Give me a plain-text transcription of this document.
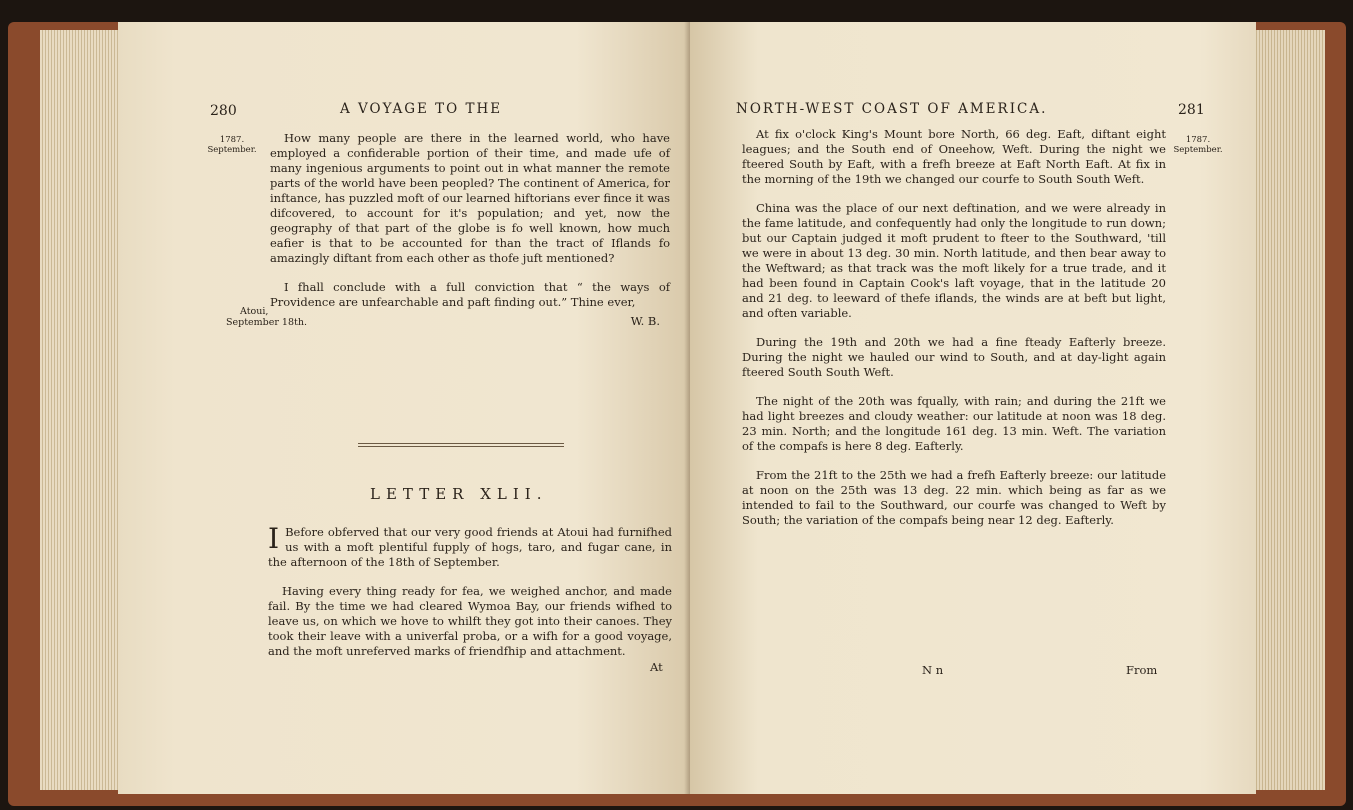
280	A VOYAGE TO THE
1787.
September.

How many people are there in the learned world, who have employed a confiderable portion of their time, and made ufe of many ingenious arguments to point out in what manner the remote parts of the world have been peopled? The continent of America, for inftance, has puzzled moft of our learned hiftorians ever fince it was difcovered, to account for it's population; and yet, now the geography of that part of the globe is fo well known, how much eafier is that to be accounted for than the tract of Iflands fo amazingly diftant from each other as thofe juft mentioned?

I fhall conclude with a full conviction that “ the ways of Providence are unfearchable and paft finding out.” Thine ever,

W. B.
Atoui,
September 18th.
LETTER XLII.

I Before obferved that our very good friends at Atoui had furnifhed us with a moft plentiful fupply of hogs, taro, and fugar cane, in the afternoon of the 18th of September.

Having every thing ready for fea, we weighed anchor, and made fail. By the time we had cleared Wymoa Bay, our friends wifhed to leave us, on which we hove to whilft they got into their canoes. They took their leave with a univerfal proba, or a wifh for a good voyage, and the moft unreferved marks of friendfhip and attachment.

At
NORTH-WEST COAST OF AMERICA.	281
1787.
September.

At fix o'clock King's Mount bore North, 66 deg. Eaft, diftant eight leagues; and the South end of Oneehow, Weft. During the night we fteered South by Eaft, with a frefh breeze at Eaft North Eaft. At fix in the morning of the 19th we changed our courfe to South South Weft.

China was the place of our next deftination, and we were already in the fame latitude, and confequently had only the longitude to run down; but our Captain judged it moft prudent to fteer to the Southward, 'till we were in about 13 deg. 30 min. North latitude, and then bear away to the Weftward; as that track was the moft likely for a true trade, and it had been found in Captain Cook's laft voyage, that in the latitude 20 and 21 deg. to leeward of thefe iflands, the winds are at beft but light, and often variable.

During the 19th and 20th we had a fine fteady Eafterly breeze. During the night we hauled our wind to South, and at day-light again fteered South South Weft.

The night of the 20th was fqually, with rain; and during the 21ft we had light breezes and cloudy weather: our latitude at noon was 18 deg. 23 min. North; and the longitude 161 deg. 13 min. Weft. The variation of the compafs is here 8 deg. Eafterly.

From the 21ft to the 25th we had a frefh Eafterly breeze: our latitude at noon on the 25th was 13 deg. 22 min. which being as far as we intended to fail to the Southward, our courfe was changed to Weft by South; the variation of the compafs being near 12 deg. Eafterly.

N n	From
